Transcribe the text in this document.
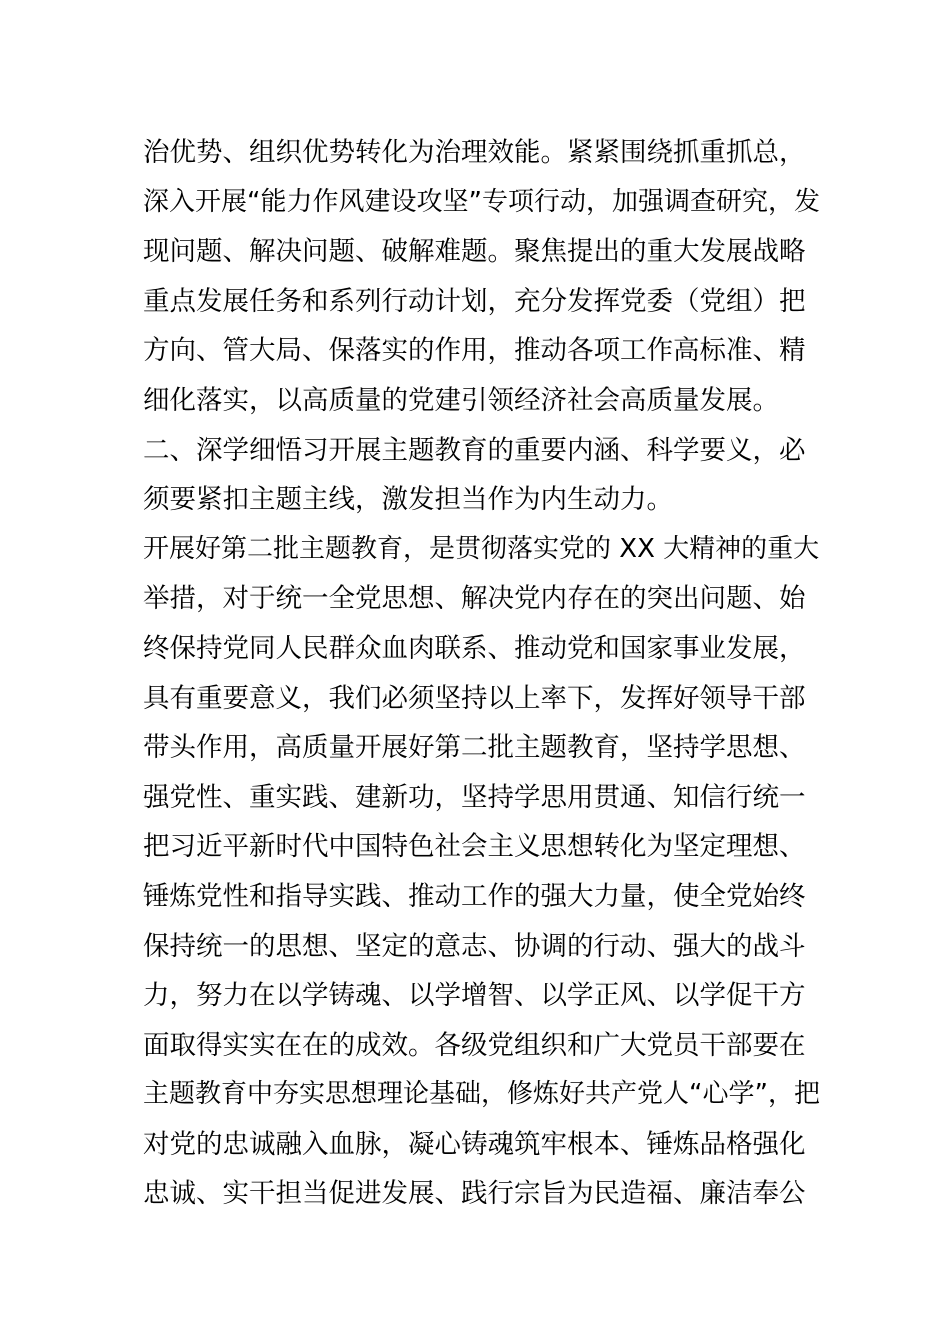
治优势、组织优势转化为治理效能。紧紧围绕抓重抓总，
深入开展“能力作风建设攻坚”专项行动，加强调查研究，发
现问题、解决问题、破解难题。聚焦提出的重大发展战略
重点发展任务和系列行动计划，充分发挥党委（党组）把
方向、管大局、保落实的作用，推动各项工作高标准、精
细化落实，以高质量的党建引领经济社会高质量发展。
二、深学细悟习开展主题教育的重要内涵、科学要义，必
须要紧扣主题主线，激发担当作为内生动力。
开展好第二批主题教育，是贯彻落实党的 XX 大精神的重大
举措，对于统一全党思想、解决党内存在的突出问题、始
终保持党同人民群众血肉联系、推动党和国家事业发展，
具有重要意义，我们必须坚持以上率下，发挥好领导干部
带头作用，高质量开展好第二批主题教育，坚持学思想、
强党性、重实践、建新功，坚持学思用贯通、知信行统一
把习近平新时代中国特色社会主义思想转化为坚定理想、
锤炼党性和指导实践、推动工作的强大力量，使全党始终
保持统一的思想、坚定的意志、协调的行动、强大的战斗
力，努力在以学铸魂、以学增智、以学正风、以学促干方
面取得实实在在的成效。各级党组织和广大党员干部要在
主题教育中夯实思想理论基础，修炼好共产党人“心学”，把
对党的忠诚融入血脉，凝心铸魂筑牢根本、锤炼品格强化
忠诚、实干担当促进发展、践行宗旨为民造福、廉洁奉公
